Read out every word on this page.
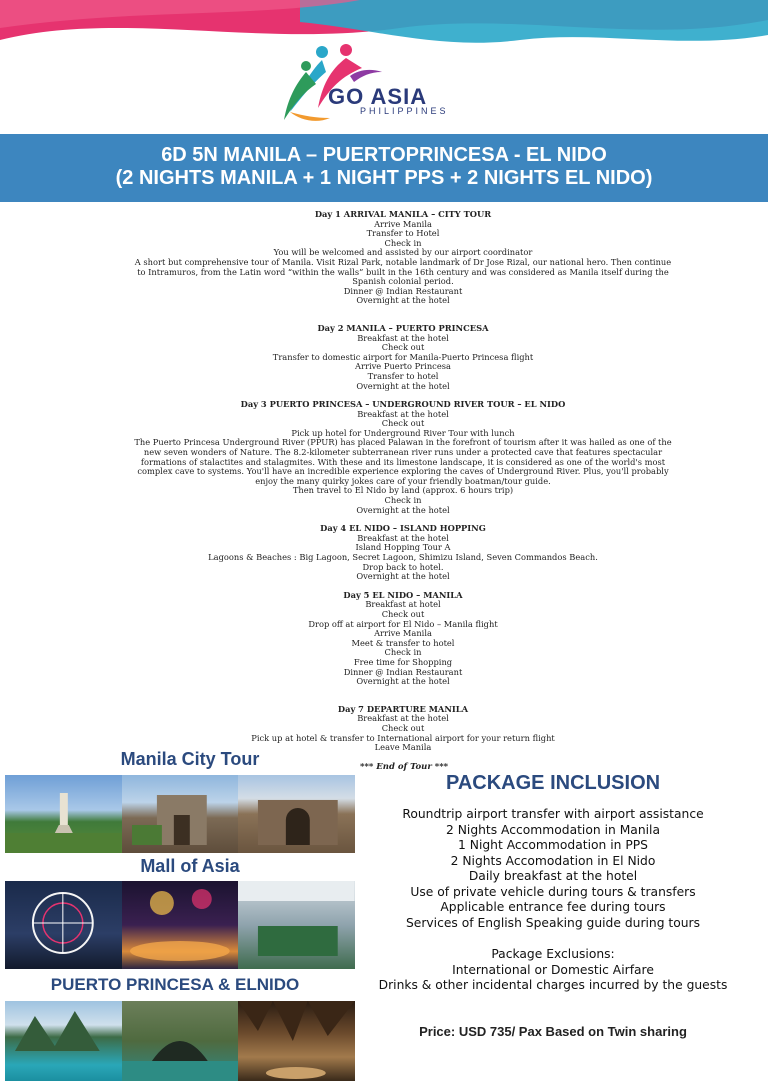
GO ASIA
PHILIPPINES
6D 5N MANILA – PUERTOPRINCESA - EL NIDO
(2 NIGHTS MANILA + 1 NIGHT PPS + 2 NIGHTS EL NIDO)
Day 1 ARRIVAL MANILA – CITY TOUR
Arrive Manila
Transfer to Hotel
Check in
You will be welcomed and assisted by our airport coordinator
A short but comprehensive tour of Manila. Visit Rizal Park, notable landmark of Dr Jose Rizal, our national hero. Then continue to Intramuros, from the Latin word “within the walls” built in the 16th century and was considered as Manila itself during the Spanish colonial period.
Dinner @ Indian Restaurant
Overnight at the hotel
Day 2 MANILA – PUERTO PRINCESA
Breakfast at the hotel
Check out
Transfer to domestic airport for Manila-Puerto Princesa flight
Arrive Puerto Princesa
Transfer to hotel
Overnight at the hotel
Day 3 PUERTO PRINCESA – UNDERGROUND RIVER TOUR – EL NIDO
Breakfast at the hotel
Check out
Pick up hotel for Underground River Tour with lunch
The Puerto Princesa Underground River (PPUR) has placed Palawan in the forefront of tourism after it was hailed as one of the new seven wonders of Nature. The 8.2-kilometer subterranean river runs under a protected cave that features spectacular formations of stalactites and stalagmites. With these and its limestone landscape, it is considered as one of the world's most complex cave to systems. You'll have an incredible experience exploring the caves of Underground River. Plus, you'll probably enjoy the many quirky jokes care of your friendly boatman/tour guide.
Then travel to El Nido by land (approx. 6 hours trip)
Check in
Overnight at the hotel
Day 4 EL NIDO – ISLAND HOPPING
Breakfast at the hotel
Island Hopping Tour A
Lagoons & Beaches : Big Lagoon, Secret Lagoon, Shimizu Island, Seven Commandos Beach.
Drop back to hotel.
Overnight at the hotel
Day 5 EL NIDO – MANILA
Breakfast at hotel
Check out
Drop off at airport for El Nido – Manila flight
Arrive Manila
Meet & transfer to hotel
Check in
Free time for Shopping
Dinner @ Indian Restaurant
Overnight at the hotel
Day 7 DEPARTURE MANILA
Breakfast at the hotel
Check out
Pick up at hotel & transfer to International airport for your return flight
Leave Manila
*** End of Tour ***
Manila City Tour
Mall of Asia
PUERTO PRINCESA & ELNIDO
PACKAGE INCLUSION
Roundtrip airport transfer with airport assistance
2 Nights Accommodation in Manila
1 Night Accommodation in PPS
2 Nights Accomodation in El Nido
Daily breakfast at the hotel
Use of private vehicle during tours & transfers
Applicable entrance fee during tours
Services of English Speaking guide during tours
Package Exclusions:
International or Domestic Airfare
Drinks & other incidental charges incurred by the guests
Price: USD 735/ Pax Based on Twin sharing
